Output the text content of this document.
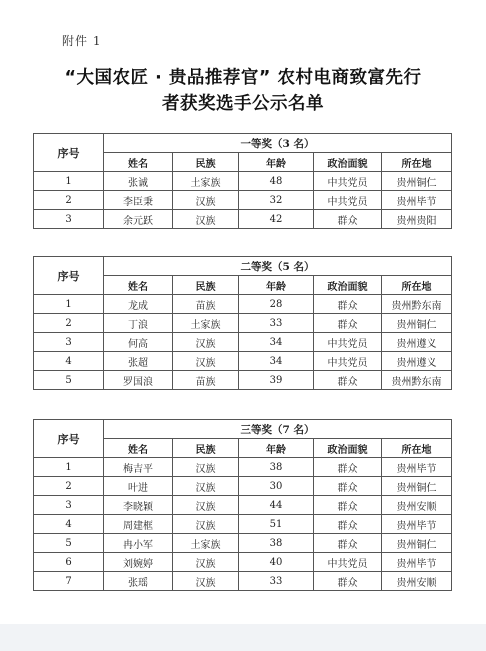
附件 1
“大国农匠 · 贵品推荐官” 农村电商致富先行
者获奖选手公示名单
序号	一等奖（3 名）				
	姓名	民族	年龄	政治面貌	所在地
1	张诚	土家族	48	中共党员	贵州铜仁
2	李臣秉	汉族	32	中共党员	贵州毕节
3	余元跃	汉族	42	群众	贵州贵阳
序号	二等奖（5 名）				
	姓名	民族	年龄	政治面貌	所在地
1	龙成	苗族	28	群众	贵州黔东南
2	丁浪	土家族	33	群众	贵州铜仁
3	何高	汉族	34	中共党员	贵州遵义
4	张超	汉族	34	中共党员	贵州遵义
5	罗国浪	苗族	39	群众	贵州黔东南
序号	三等奖（7 名）				
	姓名	民族	年龄	政治面貌	所在地
1	梅吉平	汉族	38	群众	贵州毕节
2	叶进	汉族	30	群众	贵州铜仁
3	李晓颖	汉族	44	群众	贵州安顺
4	周建框	汉族	51	群众	贵州毕节
5	冉小军	土家族	38	群众	贵州铜仁
6	刘婉婷	汉族	40	中共党员	贵州毕节
7	张瑶	汉族	33	群众	贵州安顺
